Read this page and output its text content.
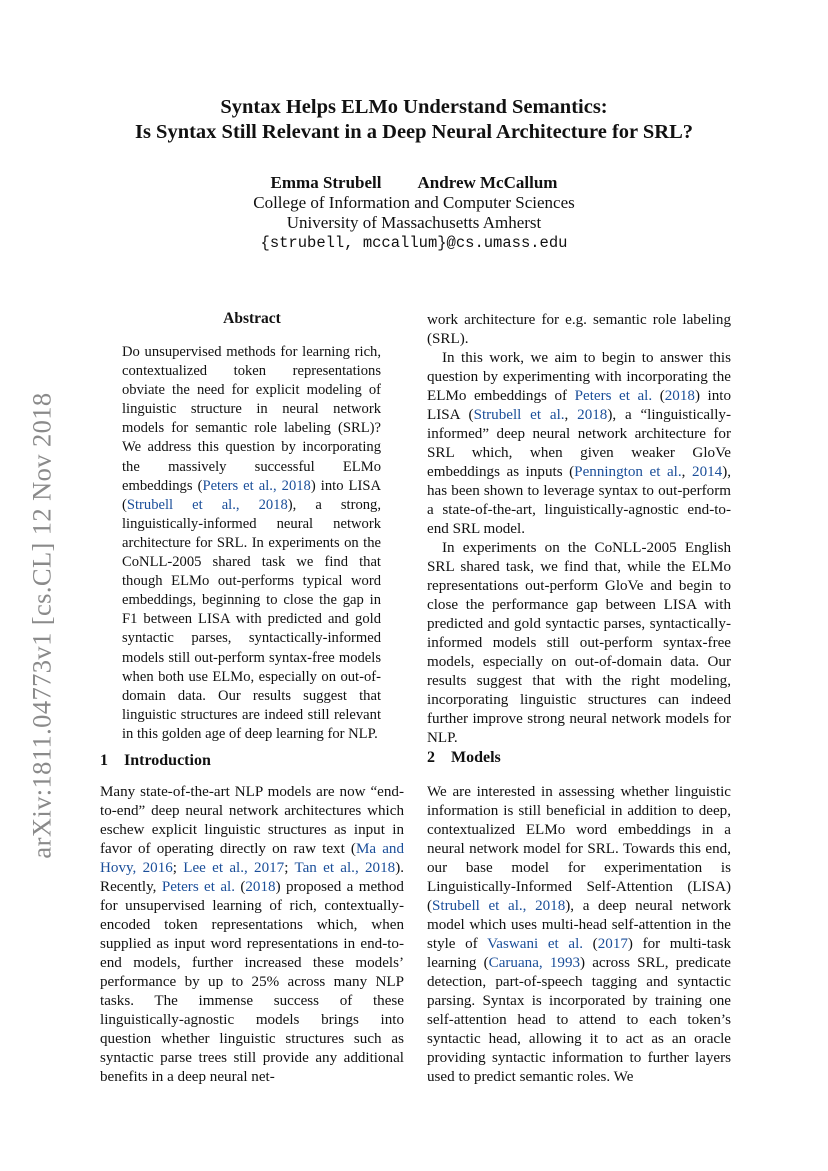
arXiv:1811.04773v1 [cs.CL] 12 Nov 2018
Syntax Helps ELMo Understand Semantics:
Is Syntax Still Relevant in a Deep Neural Architecture for SRL?
Emma Strubell Andrew McCallum
College of Information and Computer Sciences
University of Massachusetts Amherst
{strubell, mccallum}@cs.umass.edu
Abstract

Do unsupervised methods for learning rich, contextualized token representations obviate the need for explicit modeling of linguistic structure in neural network models for semantic role labeling (SRL)? We address this question by incorporating the massively successful ELMo embeddings (Peters et al., 2018) into LISA (Strubell et al., 2018), a strong, linguistically-informed neural network architecture for SRL. In experiments on the CoNLL-2005 shared task we find that though ELMo out-performs typical word embeddings, beginning to close the gap in F1 between LISA with predicted and gold syntactic parses, syntactically-informed models still out-perform syntax-free models when both use ELMo, especially on out-of-domain data. Our results suggest that linguistic structures are indeed still relevant in this golden age of deep learning for NLP.

1 Introduction

Many state-of-the-art NLP models are now “end-to-end” deep neural network architectures which eschew explicit linguistic structures as input in favor of operating directly on raw text (Ma and Hovy, 2016; Lee et al., 2017; Tan et al., 2018). Recently, Peters et al. (2018) proposed a method for unsupervised learning of rich, contextually-encoded token representations which, when supplied as input word representations in end-to-end models, further increased these models’ performance by up to 25% across many NLP tasks. The immense success of these linguistically-agnostic models brings into question whether linguistic structures such as syntactic parse trees still provide any additional benefits in a deep neural net-

work architecture for e.g. semantic role labeling (SRL).

In this work, we aim to begin to answer this question by experimenting with incorporating the ELMo embeddings of Peters et al. (2018) into LISA (Strubell et al., 2018), a “linguistically-informed” deep neural network architecture for SRL which, when given weaker GloVe embeddings as inputs (Pennington et al., 2014), has been shown to leverage syntax to out-perform a state-of-the-art, linguistically-agnostic end-to-end SRL model.

In experiments on the CoNLL-2005 English SRL shared task, we find that, while the ELMo representations out-perform GloVe and begin to close the performance gap between LISA with predicted and gold syntactic parses, syntactically-informed models still out-perform syntax-free models, especially on out-of-domain data. Our results suggest that with the right modeling, incorporating linguistic structures can indeed further improve strong neural network models for NLP.

2 Models

We are interested in assessing whether linguistic information is still beneficial in addition to deep, contextualized ELMo word embeddings in a neural network model for SRL. Towards this end, our base model for experimentation is Linguistically-Informed Self-Attention (LISA) (Strubell et al., 2018), a deep neural network model which uses multi-head self-attention in the style of Vaswani et al. (2017) for multi-task learning (Caruana, 1993) across SRL, predicate detection, part-of-speech tagging and syntactic parsing. Syntax is incorporated by training one self-attention head to attend to each token’s syntactic head, allowing it to act as an oracle providing syntactic information to further layers used to predict semantic roles. We
